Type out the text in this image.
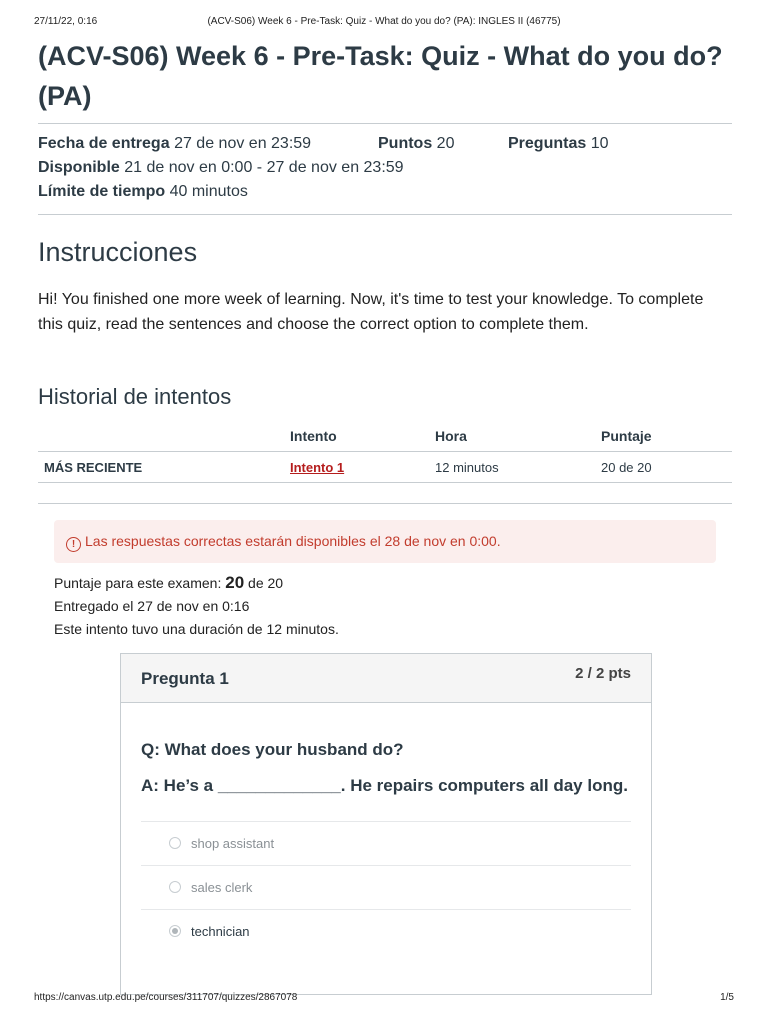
27/11/22, 0:16	(ACV-S06) Week 6 - Pre-Task: Quiz - What do you do? (PA): INGLES II (46775)
(ACV-S06) Week 6 - Pre-Task: Quiz - What do you do? (PA)
Fecha de entrega 27 de nov en 23:59	Puntos 20	Preguntas 10
Disponible 21 de nov en 0:00 - 27 de nov en 23:59
Límite de tiempo 40 minutos
Instrucciones

Hi! You finished one more week of learning. Now, it's time to test your knowledge. To complete this quiz, read the sentences and choose the correct option to complete them.

Historial de intentos
	Intento	Hora	Puntaje
MÁS RECIENTE	Intento 1	12 minutos	20 de 20
! Las respuestas correctas estarán disponibles el 28 de nov en 0:00.
Puntaje para este examen: 20 de 20
Entregado el 27 de nov en 0:16
Este intento tuvo una duración de 12 minutos.
Pregunta 1	2 / 2 pts

Q: What does your husband do?

A: He’s a _____________. He repairs computers all day long.

shop assistant
sales clerk
technician
https://canvas.utp.edu.pe/courses/311707/quizzes/2867078	1/5
